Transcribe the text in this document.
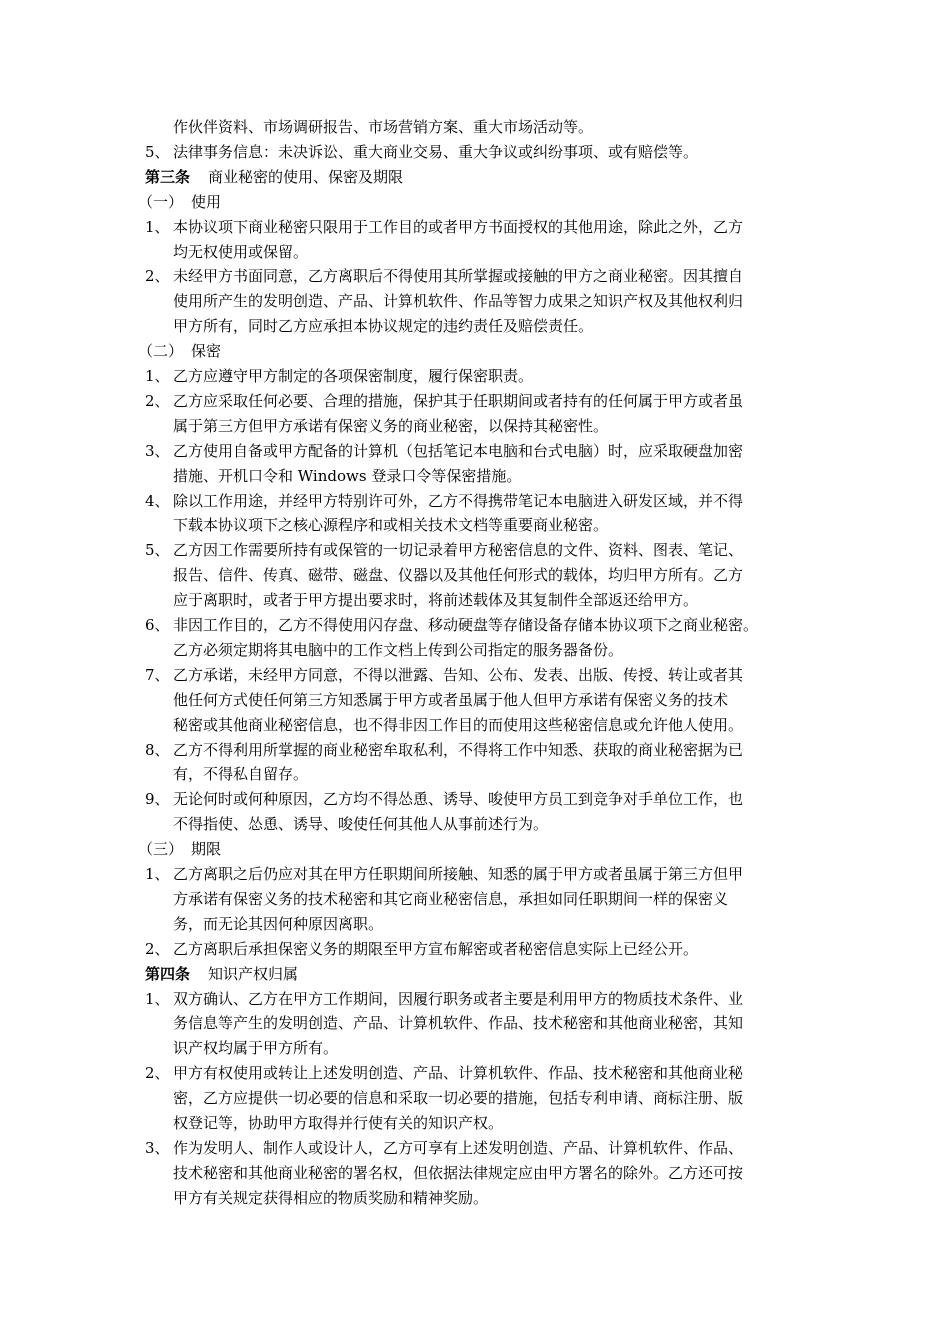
作伙伴资料、市场调研报告、市场营销方案、重大市场活动等。
5、 法律事务信息：未决诉讼、重大商业交易、重大争议或纠纷事项、或有赔偿等。
第三条 商业秘密的使用、保密及期限
（一） 使用
1、 本协议项下商业秘密只限用于工作目的或者甲方书面授权的其他用途，除此之外，乙方
均无权使用或保留。
2、 未经甲方书面同意，乙方离职后不得使用其所掌握或接触的甲方之商业秘密。因其擅自
使用所产生的发明创造、产品、计算机软件、作品等智力成果之知识产权及其他权利归
甲方所有，同时乙方应承担本协议规定的违约责任及赔偿责任。
（二） 保密
1、 乙方应遵守甲方制定的各项保密制度，履行保密职责。
2、 乙方应采取任何必要、合理的措施，保护其于任职期间或者持有的任何属于甲方或者虽
属于第三方但甲方承诺有保密义务的商业秘密，以保持其秘密性。
3、 乙方使用自备或甲方配备的计算机（包括笔记本电脑和台式电脑）时，应采取硬盘加密
措施、开机口令和 Windows 登录口令等保密措施。
4、 除以工作用途，并经甲方特别许可外，乙方不得携带笔记本电脑进入研发区域，并不得
下载本协议项下之核心源程序和或相关技术文档等重要商业秘密。
5、 乙方因工作需要所持有或保管的一切记录着甲方秘密信息的文件、资料、图表、笔记、
报告、信件、传真、磁带、磁盘、仪器以及其他任何形式的载体，均归甲方所有。乙方
应于离职时，或者于甲方提出要求时，将前述载体及其复制件全部返还给甲方。
6、 非因工作目的，乙方不得使用闪存盘、移动硬盘等存储设备存储本协议项下之商业秘密。
乙方必须定期将其电脑中的工作文档上传到公司指定的服务器备份。
7、 乙方承诺，未经甲方同意，不得以泄露、告知、公布、发表、出版、传授、转让或者其
他任何方式使任何第三方知悉属于甲方或者虽属于他人但甲方承诺有保密义务的技术
秘密或其他商业秘密信息，也不得非因工作目的而使用这些秘密信息或允许他人使用。
8、 乙方不得利用所掌握的商业秘密牟取私利，不得将工作中知悉、获取的商业秘密据为已
有，不得私自留存。
9、 无论何时或何种原因，乙方均不得怂恿、诱导、唆使甲方员工到竞争对手单位工作，也
不得指使、怂恿、诱导、唆使任何其他人从事前述行为。
（三） 期限
1、 乙方离职之后仍应对其在甲方任职期间所接触、知悉的属于甲方或者虽属于第三方但甲
方承诺有保密义务的技术秘密和其它商业秘密信息，承担如同任职期间一样的保密义
务，而无论其因何种原因离职。
2、 乙方离职后承担保密义务的期限至甲方宣布解密或者秘密信息实际上已经公开。
第四条 知识产权归属
1、 双方确认、乙方在甲方工作期间，因履行职务或者主要是利用甲方的物质技术条件、业
务信息等产生的发明创造、产品、计算机软件、作品、技术秘密和其他商业秘密，其知
识产权均属于甲方所有。
2、 甲方有权使用或转让上述发明创造、产品、计算机软件、作品、技术秘密和其他商业秘
密，乙方应提供一切必要的信息和采取一切必要的措施，包括专利申请、商标注册、版
权登记等，协助甲方取得并行使有关的知识产权。
3、 作为发明人、制作人或设计人，乙方可享有上述发明创造、产品、计算机软件、作品、
技术秘密和其他商业秘密的署名权，但依据法律规定应由甲方署名的除外。乙方还可按
甲方有关规定获得相应的物质奖励和精神奖励。
